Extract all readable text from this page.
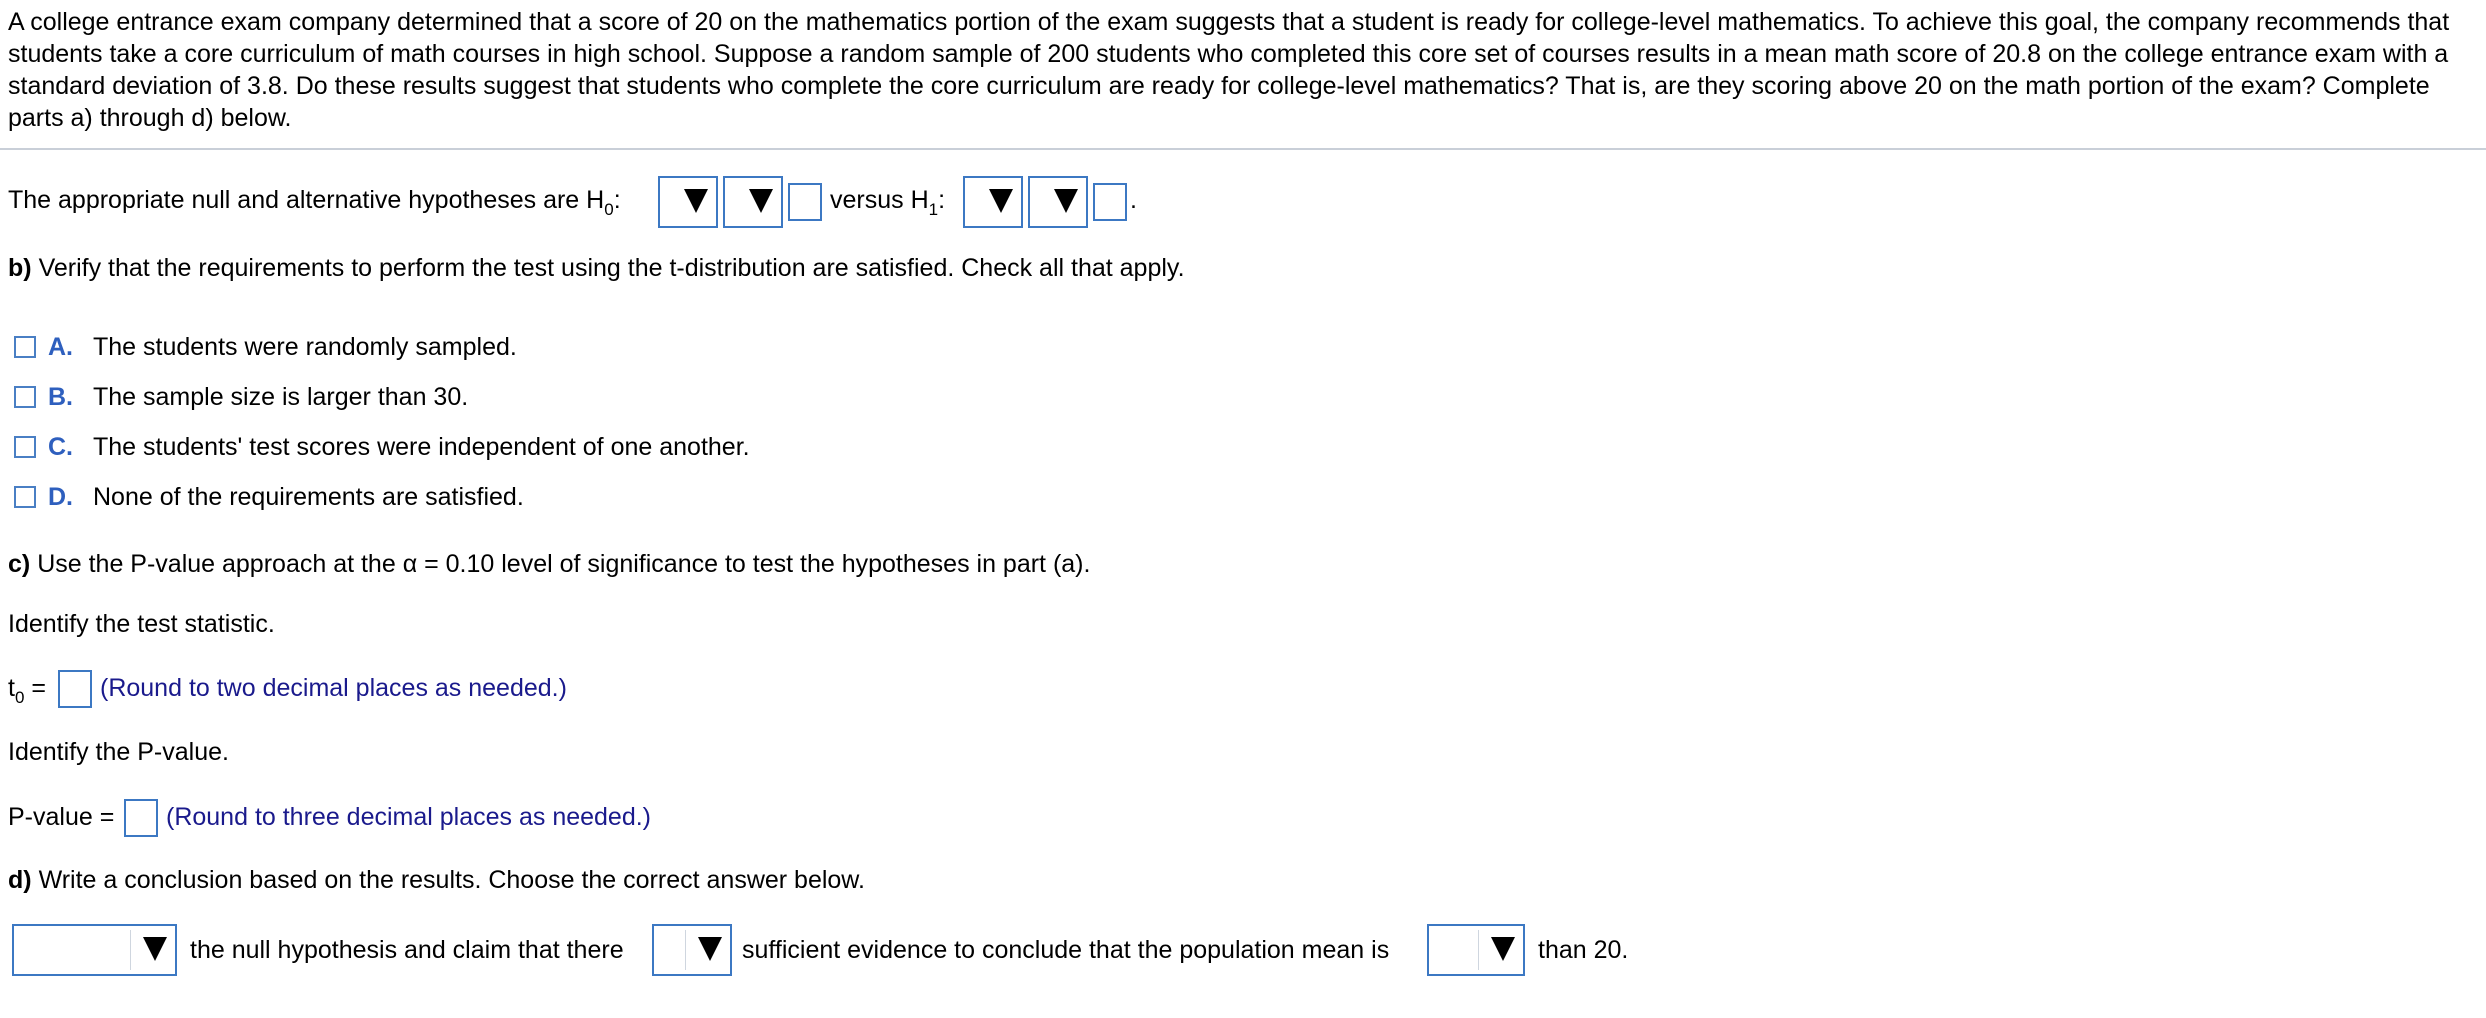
A college entrance exam company determined that a score of 20 on the mathematics portion of the exam suggests that a student is ready for college-level mathematics. To achieve this goal, the company recommends that students take a core curriculum of math courses in high school. Suppose a random sample of 200 students who completed this core set of courses results in a mean math score of 20.8 on the college entrance exam with a standard deviation of 3.8. Do these results suggest that students who complete the core curriculum are ready for college-level mathematics? That is, are they scoring above 20 on the math portion of the exam? Complete parts a) through d) below.
The appropriate null and alternative hypotheses are $H_0$:	versus $H_1$:	.
b) Verify that the requirements to perform the test using the t-distribution are satisfied. Check all that apply.
A. The students were randomly sampled.
B. The sample size is larger than 30.
C. The students' test scores were independent of one another.
D. None of the requirements are satisfied.
c) Use the P-value approach at the α = 0.10 level of significance to test the hypotheses in part (a).
Identify the test statistic.
$t_0$ = (Round to two decimal places as needed.)
Identify the P-value.
P-value = (Round to three decimal places as needed.)
d) Write a conclusion based on the results. Choose the correct answer below.
the null hypothesis and claim that there	sufficient evidence to conclude that the population mean is	than 20.
